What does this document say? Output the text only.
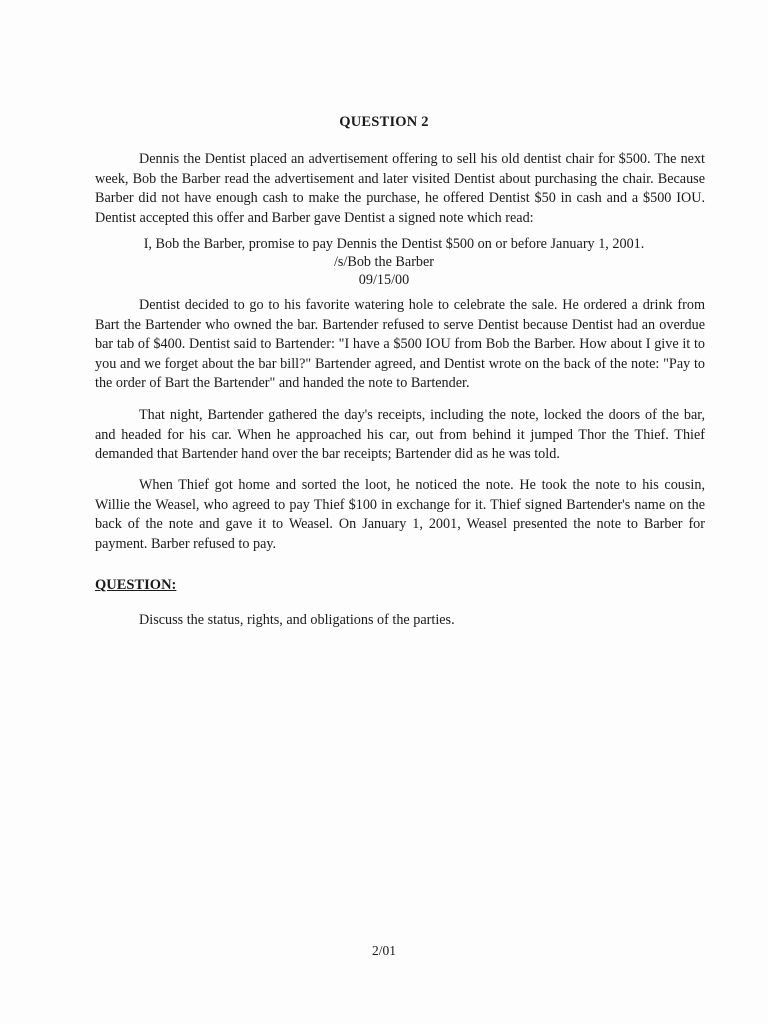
QUESTION 2

Dennis the Dentist placed an advertisement offering to sell his old dentist chair for $500. The next week, Bob the Barber read the advertisement and later visited Dentist about purchasing the chair. Because Barber did not have enough cash to make the purchase, he offered Dentist $50 in cash and a $500 IOU. Dentist accepted this offer and Barber gave Dentist a signed note which read:

I, Bob the Barber, promise to pay Dennis the Dentist $500 on or before January 1, 2001.
/s/Bob the Barber
09/15/00

Dentist decided to go to his favorite watering hole to celebrate the sale. He ordered a drink from Bart the Bartender who owned the bar. Bartender refused to serve Dentist because Dentist had an overdue bar tab of $400. Dentist said to Bartender: "I have a $500 IOU from Bob the Barber. How about I give it to you and we forget about the bar bill?" Bartender agreed, and Dentist wrote on the back of the note: "Pay to the order of Bart the Bartender" and handed the note to Bartender.

That night, Bartender gathered the day's receipts, including the note, locked the doors of the bar, and headed for his car. When he approached his car, out from behind it jumped Thor the Thief. Thief demanded that Bartender hand over the bar receipts; Bartender did as he was told.

When Thief got home and sorted the loot, he noticed the note. He took the note to his cousin, Willie the Weasel, who agreed to pay Thief $100 in exchange for it. Thief signed Bartender's name on the back of the note and gave it to Weasel. On January 1, 2001, Weasel presented the note to Barber for payment. Barber refused to pay.

QUESTION:
Discuss the status, rights, and obligations of the parties.
2/01
